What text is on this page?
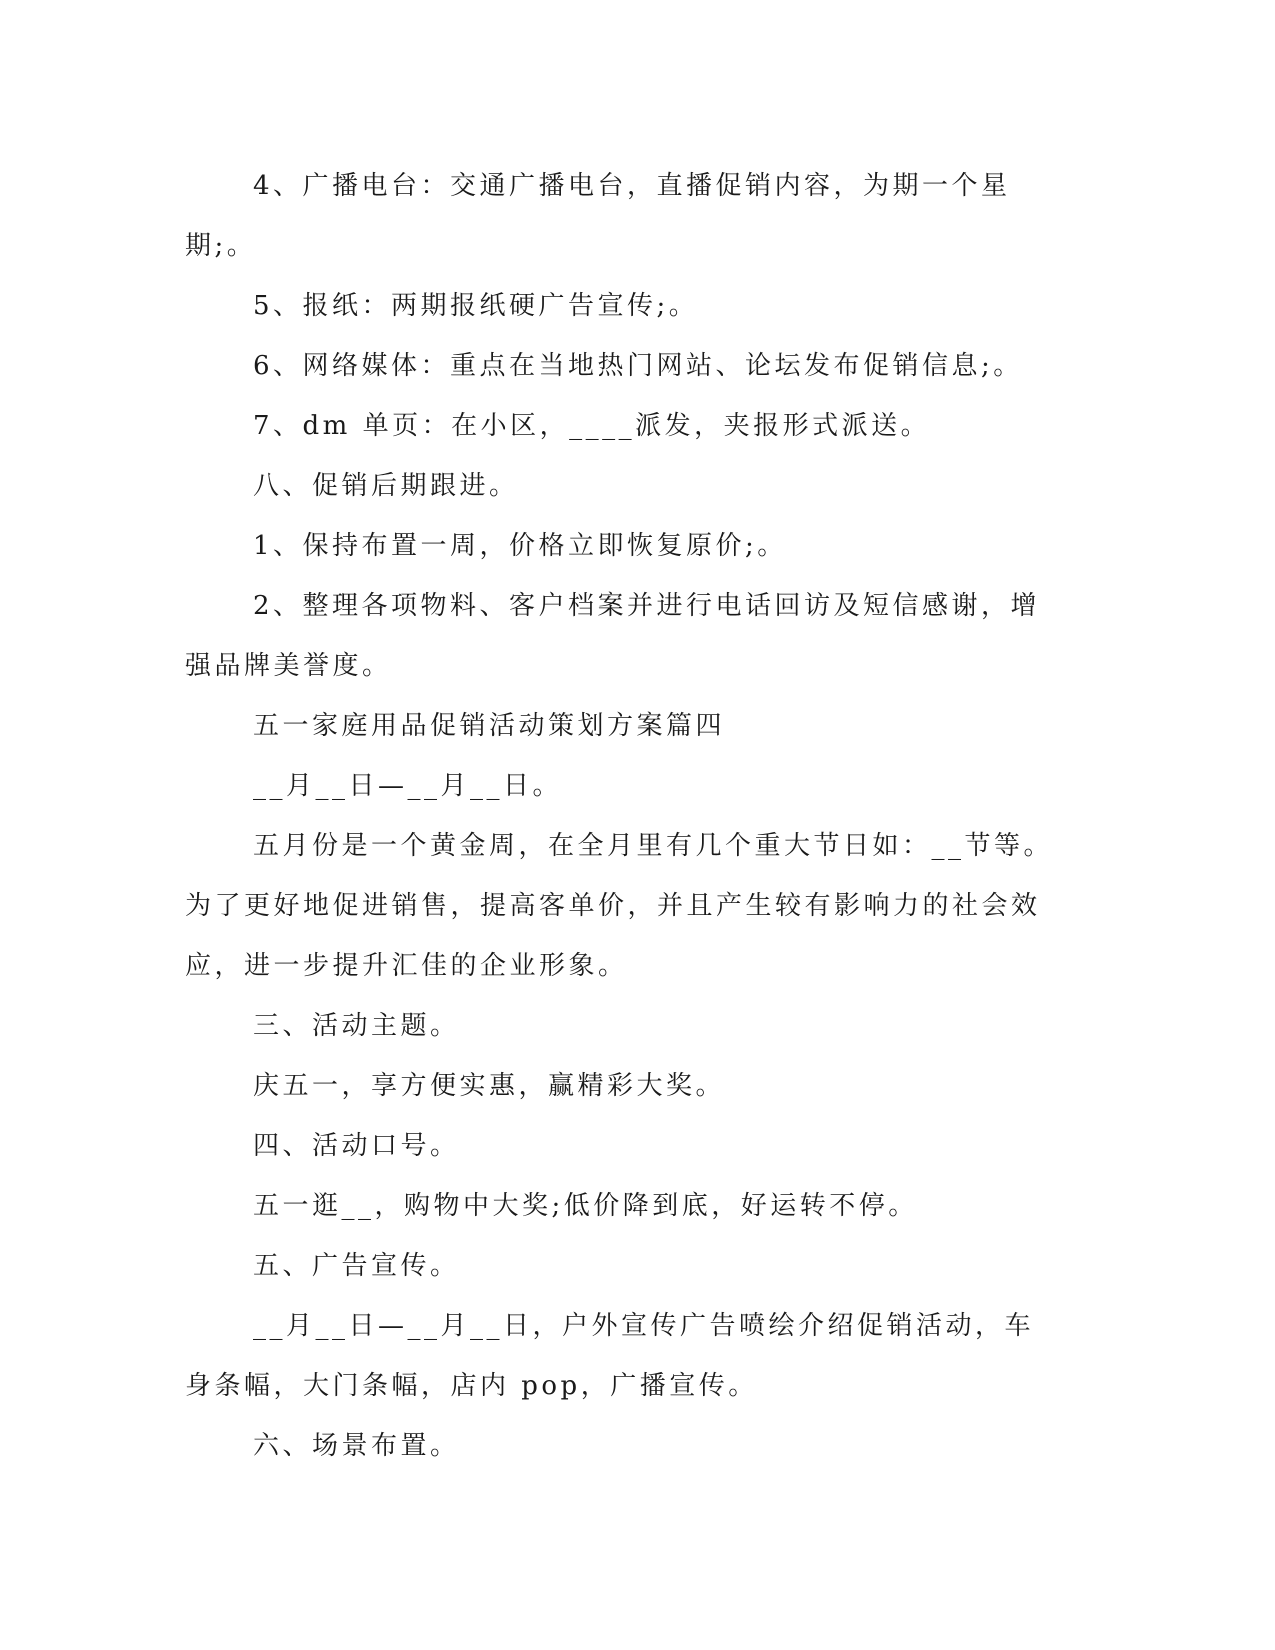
4、广播电台：交通广播电台，直播促销内容，为期一个星期;。

5、报纸：两期报纸硬广告宣传;。

6、网络媒体：重点在当地热门网站、论坛发布促销信息;。

7、dm 单页：在小区，____派发，夹报形式派送。

八、促销后期跟进。

1、保持布置一周，价格立即恢复原价;。

2、整理各项物料、客户档案并进行电话回访及短信感谢，增强品牌美誉度。

五一家庭用品促销活动策划方案篇四

__月__日—__月__日。

五月份是一个黄金周，在全月里有几个重大节日如：__节等。为了更好地促进销售，提高客单价，并且产生较有影响力的社会效应，进一步提升汇佳的企业形象。

三、活动主题。

庆五一，享方便实惠，赢精彩大奖。

四、活动口号。

五一逛__，购物中大奖;低价降到底，好运转不停。

五、广告宣传。

__月__日—__月__日，户外宣传广告喷绘介绍促销活动，车身条幅，大门条幅，店内 pop，广播宣传。

六、场景布置。
